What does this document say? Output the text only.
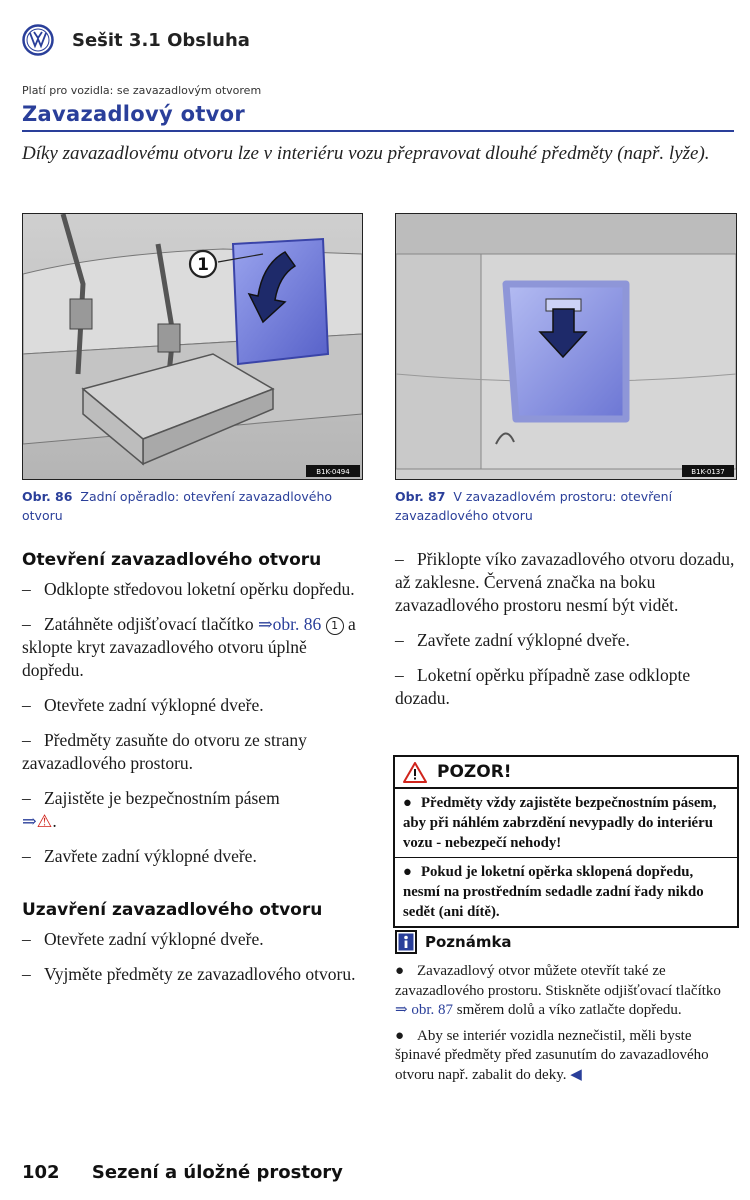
Sešit 3.1 Obsluha
Platí pro vozidla: se zavazadlovým otvorem
Zavazadlový otvor
Díky zavazadlovému otvoru lze v interiéru vozu přepravovat dlouhé předměty (např. lyže).
1
B1K-0494	B1K-0137
Obr. 86 Zadní opěradlo: otevření zavazadlového otvoru
Obr. 87 V zavazadlovém prostoru: otevření zavazadlového otvoru
Otevření zavazadlového otvoru
– Odklopte středovou loketní opěrku dopředu.
– Zatáhněte odjišťovací tlačítko ⇒obr. 86 1 a sklopte kryt zavazadlového otvoru úplně dopředu.
– Otevřete zadní výklopné dveře.
– Předměty zasuňte do otvoru ze strany zavazadlového prostoru.
– Zajistěte je bezpečnostním pásem
⇒⚠.
– Zavřete zadní výklopné dveře.
Uzavření zavazadlového otvoru
– Otevřete zadní výklopné dveře.
– Vyjměte předměty ze zavazadlového otvoru.
– Přiklopte víko zavazadlového otvoru dozadu, až zaklesne. Červená značka na boku zavazadlového prostoru nesmí být vidět.
– Zavřete zadní výklopné dveře.
– Loketní opěrku případně zase odklopte dozadu.
POZOR!
● Předměty vždy zajistěte bezpečnostním pásem, aby při náhlém zabrzdění nevypadly do interiéru vozu - nebezpečí nehody!
● Pokud je loketní opěrka sklopená dopředu, nesmí na prostředním sedadle zadní řady nikdo sedět (ani dítě).
Poznámka
● Zavazadlový otvor můžete otevřít také ze zavazadlového prostoru. Stiskněte odjišťovací tlačítko ⇒ obr. 87 směrem dolů a víko zatlačte dopředu.
● Aby se interiér vozidla neznečistil, měli byste špinavé předměty před zasunutím do zavazadlového otvoru např. zabalit do deky. ◀
102 Sezení a úložné prostory
